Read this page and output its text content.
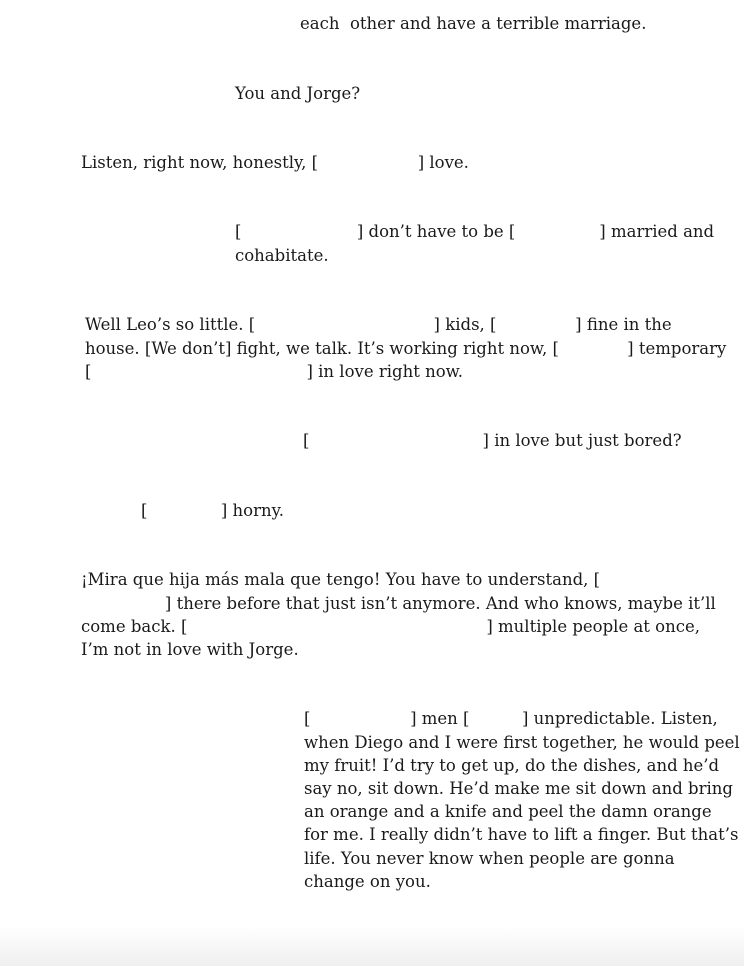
each  other and have a terrible marriage.
You and Jorge?
Listen, right now, honestly, [                   ] love.
[                      ] don’t have to be [                ] married and
cohabitate.
Well Leo’s so little. [                                  ] kids, [               ] fine in the
house. [We don’t] fight, we talk. It’s working right now, [             ] temporary
[                                         ] in love right now.
[                                 ] in love but just bored?
[              ] horny.
¡Mira que hija más mala que tengo! You have to understand, [
] there before that just isn’t anymore. And who knows, maybe it’ll
come back. [                                                         ] multiple people at once,
I’m not in love with Jorge.
[                   ] men [          ] unpredictable. Listen,
when Diego and I were first together, he would peel
my fruit! I’d try to get up, do the dishes, and he’d
say no, sit down. He’d make me sit down and bring
an orange and a knife and peel the damn orange
for me. I really didn’t have to lift a finger. But that’s
life. You never know when people are gonna
change on you.
